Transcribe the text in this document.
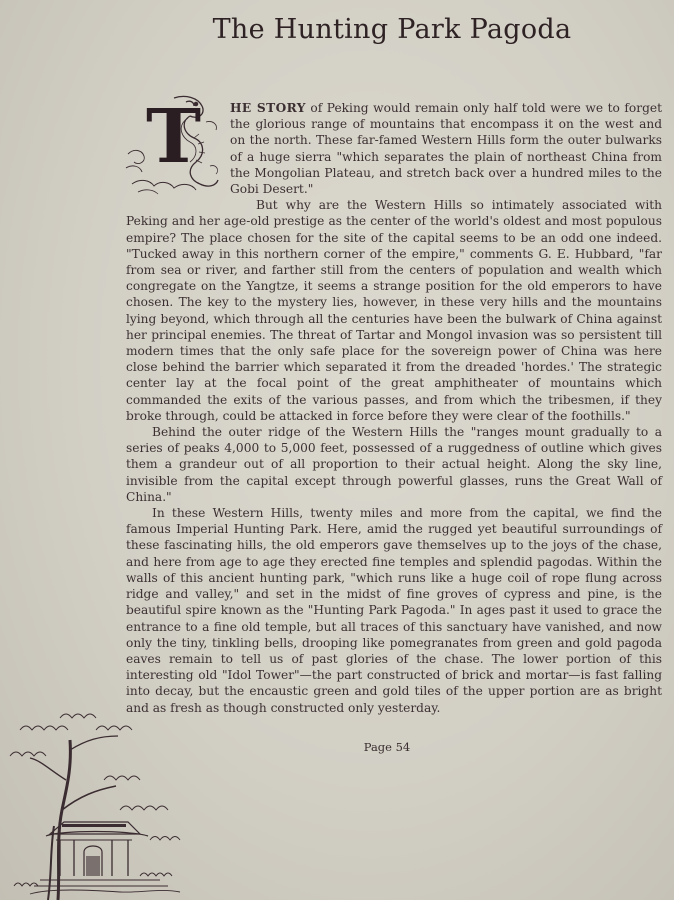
The Hunting Park Pagoda

T HE STORY of Peking would remain only half told were we to forget the glorious range of mountains that encompass it on the west and on the north. These far-famed Western Hills form the outer bulwarks of a huge sierra "which separates the plain of northeast China from the Mongolian Plateau, and stretch back over a hundred miles to the Gobi Desert."

But why are the Western Hills so intimately associated with Peking and her age-old prestige as the center of the world's oldest and most populous empire? The place chosen for the site of the capital seems to be an odd one indeed. "Tucked away in this northern corner of the empire," comments G. E. Hubbard, "far from sea or river, and farther still from the centers of population and wealth which congregate on the Yangtze, it seems a strange position for the old emperors to have chosen. The key to the mystery lies, however, in these very hills and the mountains lying beyond, which through all the centuries have been the bulwark of China against her principal enemies. The threat of Tartar and Mongol invasion was so persistent till modern times that the only safe place for the sovereign power of China was here close behind the barrier which separated it from the dreaded 'hordes.' The strategic center lay at the focal point of the great amphitheater of mountains which commanded the exits of the various passes, and from which the tribesmen, if they broke through, could be attacked in force before they were clear of the foothills."

Behind the outer ridge of the Western Hills the "ranges mount gradually to a series of peaks 4,000 to 5,000 feet, possessed of a ruggedness of outline which gives them a grandeur out of all proportion to their actual height. Along the sky line, invisible from the capital except through powerful glasses, runs the Great Wall of China."

In these Western Hills, twenty miles and more from the capital, we find the famous Imperial Hunting Park. Here, amid the rugged yet beautiful surroundings of these fascinating hills, the old emperors gave themselves up to the joys of the chase, and here from age to age they erected fine temples and splendid pagodas. Within the walls of this ancient hunting park, "which runs like a huge coil of rope flung across ridge and valley," and set in the midst of fine groves of cypress and pine, is the beautiful spire known as the "Hunting Park Pagoda." In ages past it used to grace the entrance to a fine old temple, but all traces of this sanctuary have vanished, and now only the tiny, tinkling bells, drooping like pomegranates from green and gold pagoda eaves remain to tell us of past glories of the chase. The lower portion of this interesting old "Idol Tower"—the part constructed of brick and mortar—is fast falling into decay, but the encaustic green and gold tiles of the upper portion are as bright and as fresh as though constructed only yesterday.

Page 54
